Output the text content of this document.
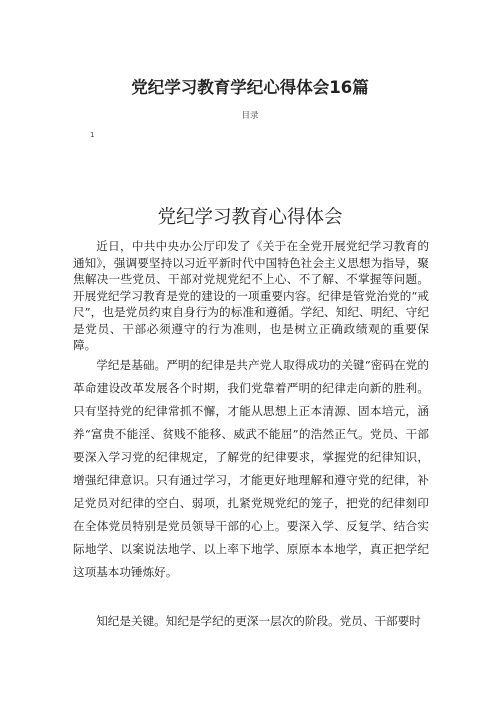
党纪学习教育学纪心得体会16篇
目录
1
党纪学习教育心得体会

近日，中共中央办公厅印发了《关于在全党开展党纪学习教育的通知》，强调要坚持以习近平新时代中国特色社会主义思想为指导，聚焦解决一些党员、干部对党规党纪不上心、不了解、不掌握等问题。开展党纪学习教育是党的建设的一项重要内容。纪律是管党治党的“戒尺”，也是党员约束自身行为的标准和遵循。学纪、知纪、明纪、守纪是党员、干部必须遵守的行为准则，也是树立正确政绩观的重要保障。

学纪是基础。严明的纪律是共产党人取得成功的关键“密码在党的革命建设改革发展各个时期，我们党靠着严明的纪律走向新的胜利。只有坚持党的纪律常抓不懈，才能从思想上正本清源、固本培元，涵养“富贵不能淫、贫贱不能移、威武不能屈”的浩然正气。党员、干部要深入学习党的纪律规定，了解党的纪律要求，掌握党的纪律知识，增强纪律意识。只有通过学习，才能更好地理解和遵守党的纪律，补足党员对纪律的空白、弱项，扎紧党规党纪的笼子，把党的纪律刻印在全体党员特别是党员领导干部的心上。要深入学、反复学、结合实际地学、以案说法地学、以上率下地学、原原本本地学，真正把学纪这项基本功锤炼好。

知纪是关键。知纪是学纪的更深一层次的阶段。党员、干部要时
